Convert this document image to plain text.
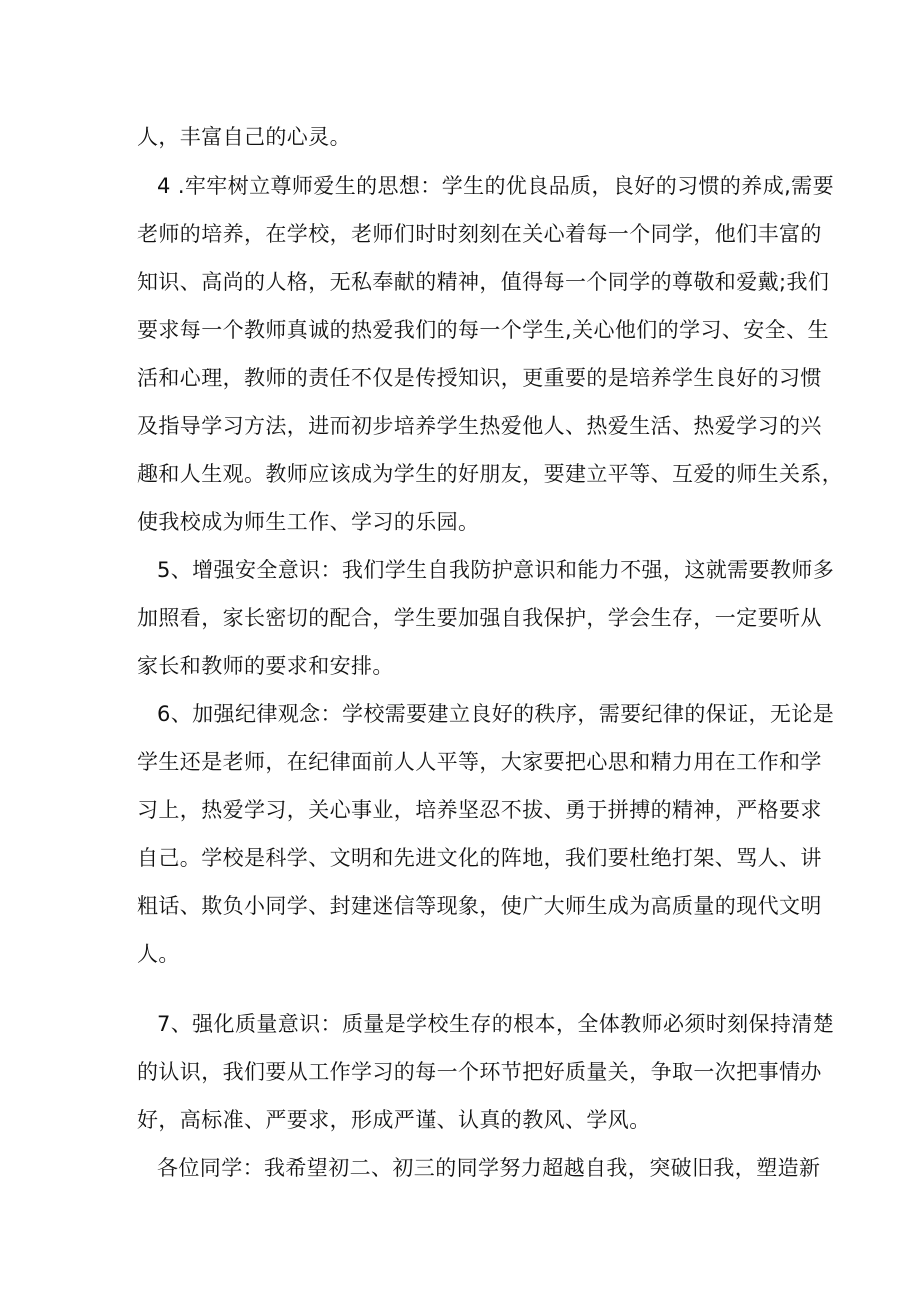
人，丰富自己的心灵。
4 .牢牢树立尊师爱生的思想：学生的优良品质，良好的习惯的养成,需要
老师的培养，在学校，老师们时时刻刻在关心着每一个同学，他们丰富的
知识、高尚的人格，无私奉献的精神，值得每一个同学的尊敬和爱戴;我们
要求每一个教师真诚的热爱我们的每一个学生,关心他们的学习、安全、生
活和心理，教师的责任不仅是传授知识，更重要的是培养学生良好的习惯
及指导学习方法，进而初步培养学生热爱他人、热爱生活、热爱学习的兴
趣和人生观。教师应该成为学生的好朋友，要建立平等、互爱的师生关系，
使我校成为师生工作、学习的乐园。
5、增强安全意识：我们学生自我防护意识和能力不强，这就需要教师多
加照看，家长密切的配合，学生要加强自我保护，学会生存，一定要听从
家长和教师的要求和安排。
6、加强纪律观念：学校需要建立良好的秩序，需要纪律的保证，无论是
学生还是老师，在纪律面前人人平等，大家要把心思和精力用在工作和学
习上，热爱学习，关心事业，培养坚忍不拔、勇于拼搏的精神，严格要求
自己。学校是科学、文明和先进文化的阵地，我们要杜绝打架、骂人、讲
粗话、欺负小同学、封建迷信等现象，使广大师生成为高质量的现代文明
人。
7、强化质量意识：质量是学校生存的根本，全体教师必须时刻保持清楚
的认识，我们要从工作学习的每一个环节把好质量关，争取一次把事情办
好，高标准、严要求，形成严谨、认真的教风、学风。
各位同学：我希望初二、初三的同学努力超越自我，突破旧我，塑造新
